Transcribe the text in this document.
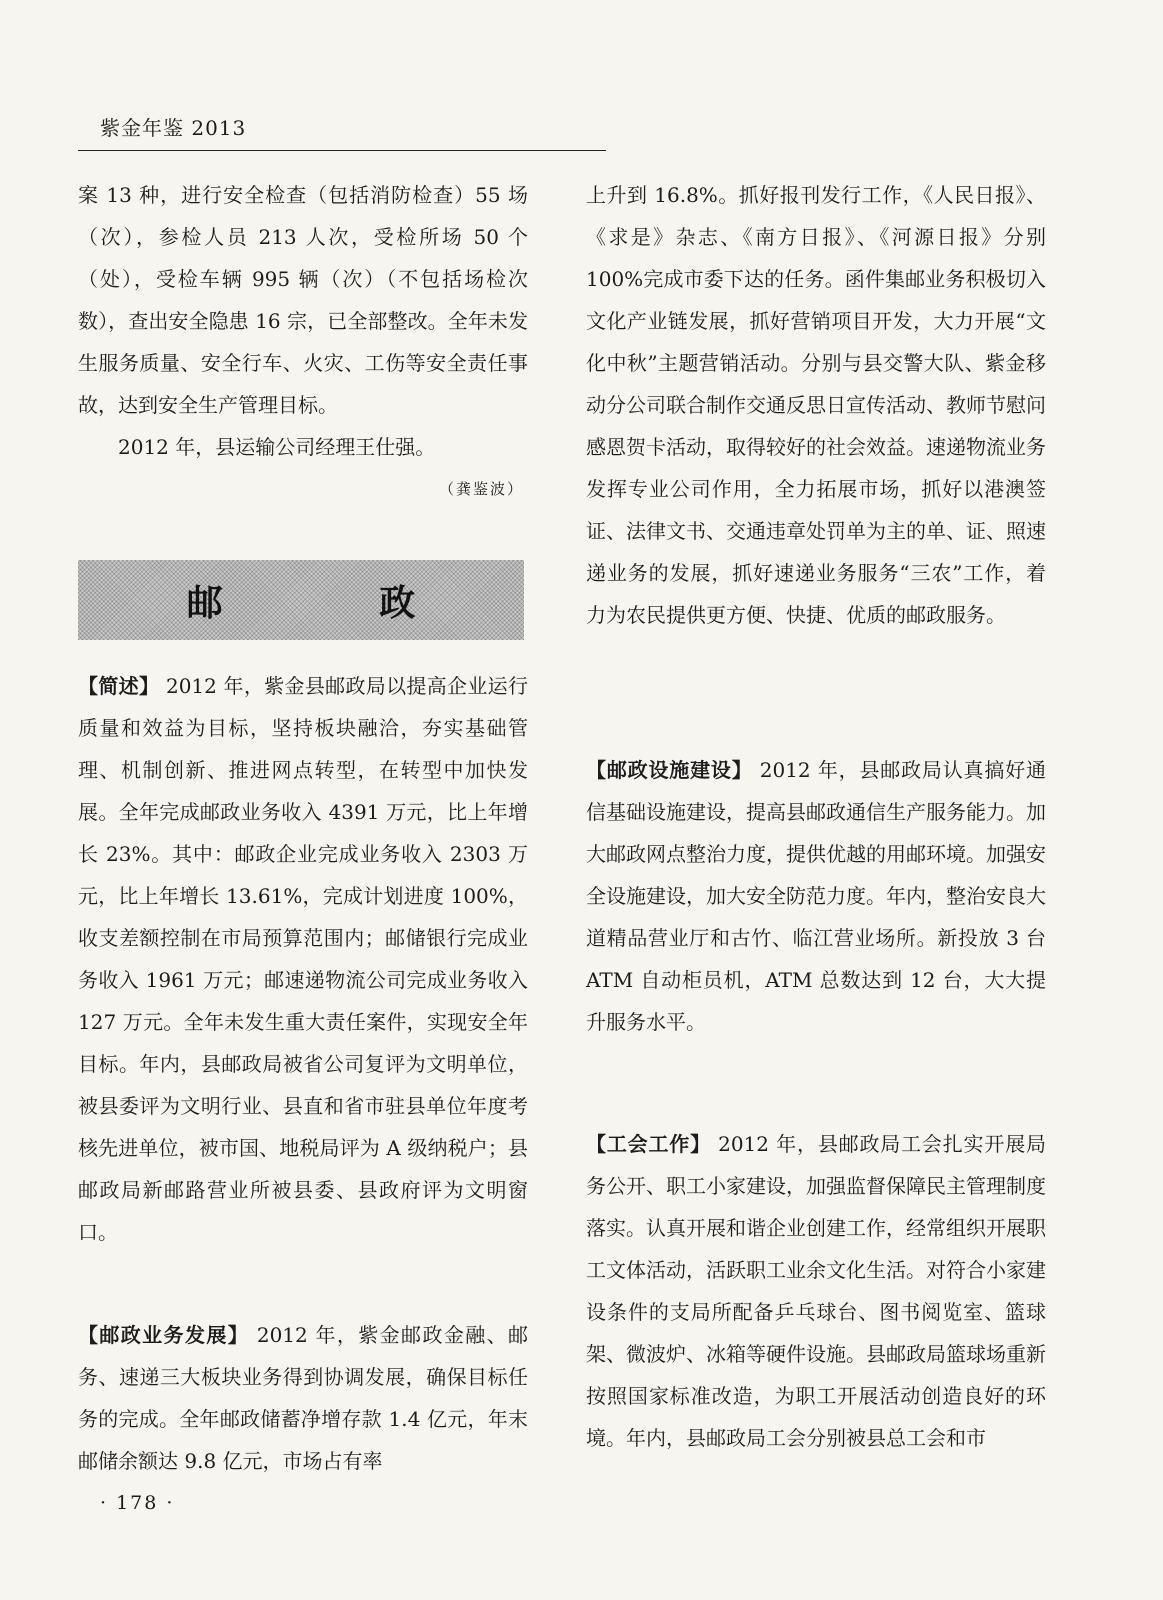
紫金年鉴 2013

案 13 种，进行安全检查（包括消防检查）55 场（次），参检人员 213 人次，受检所场 50 个（处），受检车辆 995 辆（次）（不包括场检次数），查出安全隐患 16 宗，已全部整改。全年未发生服务质量、安全行车、火灾、工伤等安全责任事故，达到安全生产管理目标。

2012 年，县运输公司经理王仕强。

（龚鉴波）

邮 政
【简述】 2012 年，紫金县邮政局以提高企业运行质量和效益为目标，坚持板块融洽，夯实基础管理、机制创新、推进网点转型，在转型中加快发展。全年完成邮政业务收入 4391 万元，比上年增长 23%。其中：邮政企业完成业务收入 2303 万元，比上年增长 13.61%，完成计划进度 100%，收支差额控制在市局预算范围内；邮储银行完成业务收入 1961 万元；邮速递物流公司完成业务收入 127 万元。全年未发生重大责任案件，实现安全年目标。年内，县邮政局被省公司复评为文明单位，被县委评为文明行业、县直和省市驻县单位年度考核先进单位，被市国、地税局评为 A 级纳税户；县邮政局新邮路营业所被县委、县政府评为文明窗口。
【邮政业务发展】 2012 年，紫金邮政金融、邮务、速递三大板块业务得到协调发展，确保目标任务的完成。全年邮政储蓄净增存款 1.4 亿元，年末邮储余额达 9.8 亿元，市场占有率

上升到 16.8%。抓好报刊发行工作，《人民日报》、《求是》杂志、《南方日报》、《河源日报》分别 100%完成市委下达的任务。函件集邮业务积极切入文化产业链发展，抓好营销项目开发，大力开展“文化中秋”主题营销活动。分别与县交警大队、紫金移动分公司联合制作交通反思日宣传活动、教师节慰问感恩贺卡活动，取得较好的社会效益。速递物流业务发挥专业公司作用，全力拓展市场，抓好以港澳签证、法律文书、交通违章处罚单为主的单、证、照速递业务的发展，抓好速递业务服务“三农”工作，着力为农民提供更方便、快捷、优质的邮政服务。

【邮政设施建设】 2012 年，县邮政局认真搞好通信基础设施建设，提高县邮政通信生产服务能力。加大邮政网点整治力度，提供优越的用邮环境。加强安全设施建设，加大安全防范力度。年内，整治安良大道精品营业厅和古竹、临江营业场所。新投放 3 台 ATM 自动柜员机，ATM 总数达到 12 台，大大提升服务水平。
【工会工作】 2012 年，县邮政局工会扎实开展局务公开、职工小家建设，加强监督保障民主管理制度落实。认真开展和谐企业创建工作，经常组织开展职工文体活动，活跃职工业余文化生活。对符合小家建设条件的支局所配备乒乓球台、图书阅览室、篮球架、微波炉、冰箱等硬件设施。县邮政局篮球场重新按照国家标准改造，为职工开展活动创造良好的环境。年内，县邮政局工会分别被县总工会和市
· 178 ·
